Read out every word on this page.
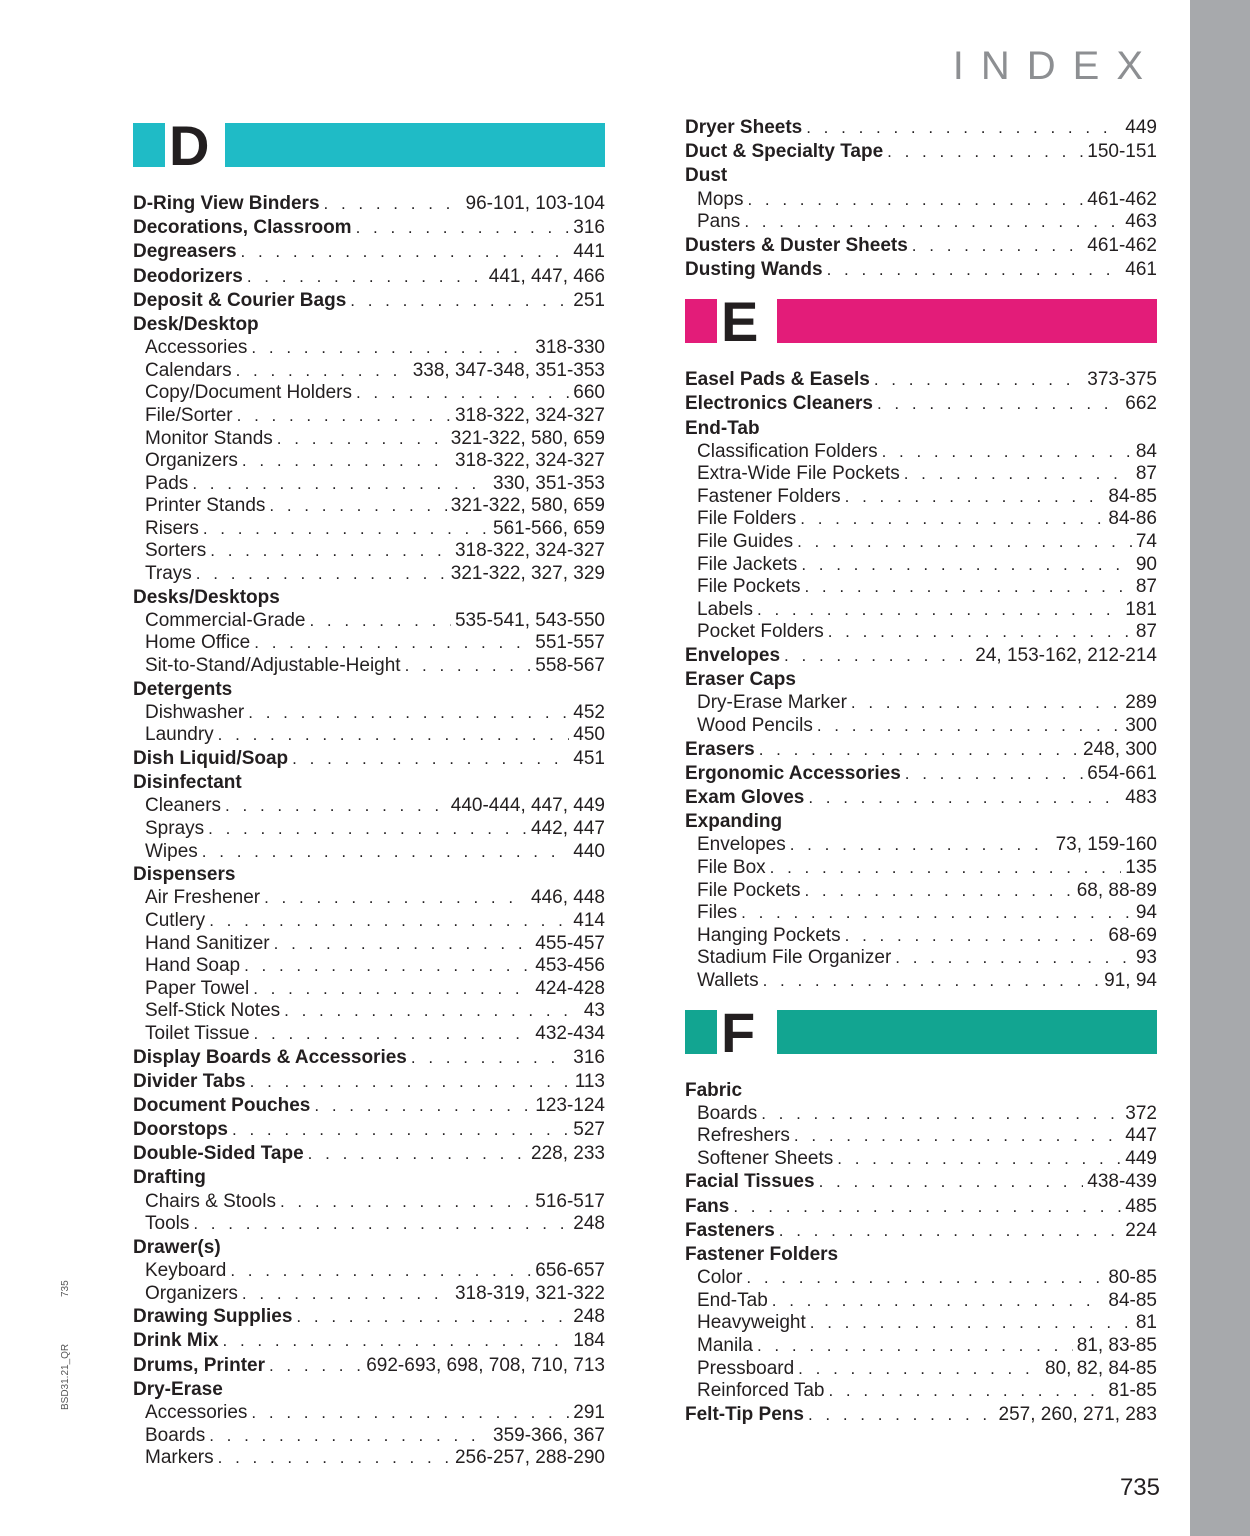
INDEX
D
D-Ring View Binders . . .	96-101, 103-104
Decorations, Classroom . . .	316
Degreasers . . .	441
Deodorizers . . .	441, 447, 466
Deposit & Courier Bags . . .	251
Desk/Desktop
Accessories . . .	318-330
Calendars . . .	338, 347-348, 351-353
Copy/Document Holders . . .	660
File/Sorter . . .	318-322, 324-327
Monitor Stands . . .	321-322, 580, 659
Organizers . . .	318-322, 324-327
Pads . . .	330, 351-353
Printer Stands . . .	321-322, 580, 659
Risers . . .	561-566, 659
Sorters . . .	318-322, 324-327
Trays . . .	321-322, 327, 329
Desks/Desktops
Commercial-Grade . . .	535-541, 543-550
Home Office . . .	551-557
Sit-to-Stand/Adjustable-Height . . .	558-567
Detergents
Dishwasher . . .	452
Laundry . . .	450
Dish Liquid/Soap . . .	451
Disinfectant
Cleaners . . .	440-444, 447, 449
Sprays . . .	442, 447
Wipes . . .	440
Dispensers
Air Freshener . . .	446, 448
Cutlery . . .	414
Hand Sanitizer . . .	455-457
Hand Soap . . .	453-456
Paper Towel . . .	424-428
Self-Stick Notes . . .	43
Toilet Tissue . . .	432-434
Display Boards & Accessories . . .	316
Divider Tabs . . .	113
Document Pouches . . .	123-124
Doorstops . . .	527
Double-Sided Tape . . .	228, 233
Drafting
Chairs & Stools . . .	516-517
Tools . . .	248
Drawer(s)
Keyboard . . .	656-657
Organizers . . .	318-319, 321-322
Drawing Supplies . . .	248
Drink Mix . . .	184
Drums, Printer . . .	692-693, 698, 708, 710, 713
Dry-Erase
Accessories . . .	291
Boards . . .	359-366, 367
Markers . . .	256-257, 288-290
Dryer Sheets . . .	449
Duct & Specialty Tape . . .	150-151
Dust
Mops . . .	461-462
Pans . . .	463
Dusters & Duster Sheets . . .	461-462
Dusting Wands . . .	461
E
Easel Pads & Easels . . .	373-375
Electronics Cleaners . . .	662
End-Tab
Classification Folders . . .	84
Extra-Wide File Pockets . . .	87
Fastener Folders . . .	84-85
File Folders . . .	84-86
File Guides . . .	74
File Jackets . . .	90
File Pockets . . .	87
Labels . . .	181
Pocket Folders . . .	87
Envelopes . . .	24, 153-162, 212-214
Eraser Caps
Dry-Erase Marker . . .	289
Wood Pencils . . .	300
Erasers . . .	248, 300
Ergonomic Accessories . . .	654-661
Exam Gloves . . .	483
Expanding
Envelopes . . .	73, 159-160
File Box . . .	135
File Pockets . . .	68, 88-89
Files . . .	94
Hanging Pockets . . .	68-69
Stadium File Organizer . . .	93
Wallets . . .	91, 94
F
Fabric
Boards . . .	372
Refreshers . . .	447
Softener Sheets . . .	449
Facial Tissues . . .	438-439
Fans . . .	485
Fasteners . . .	224
Fastener Folders
Color . . .	80-85
End-Tab . . .	84-85
Heavyweight . . .	81
Manila . . .	81, 83-85
Pressboard . . .	80, 82, 84-85
Reinforced Tab . . .	81-85
Felt-Tip Pens . . .	257, 260, 271, 283
BSD31.21_QR
735
735
